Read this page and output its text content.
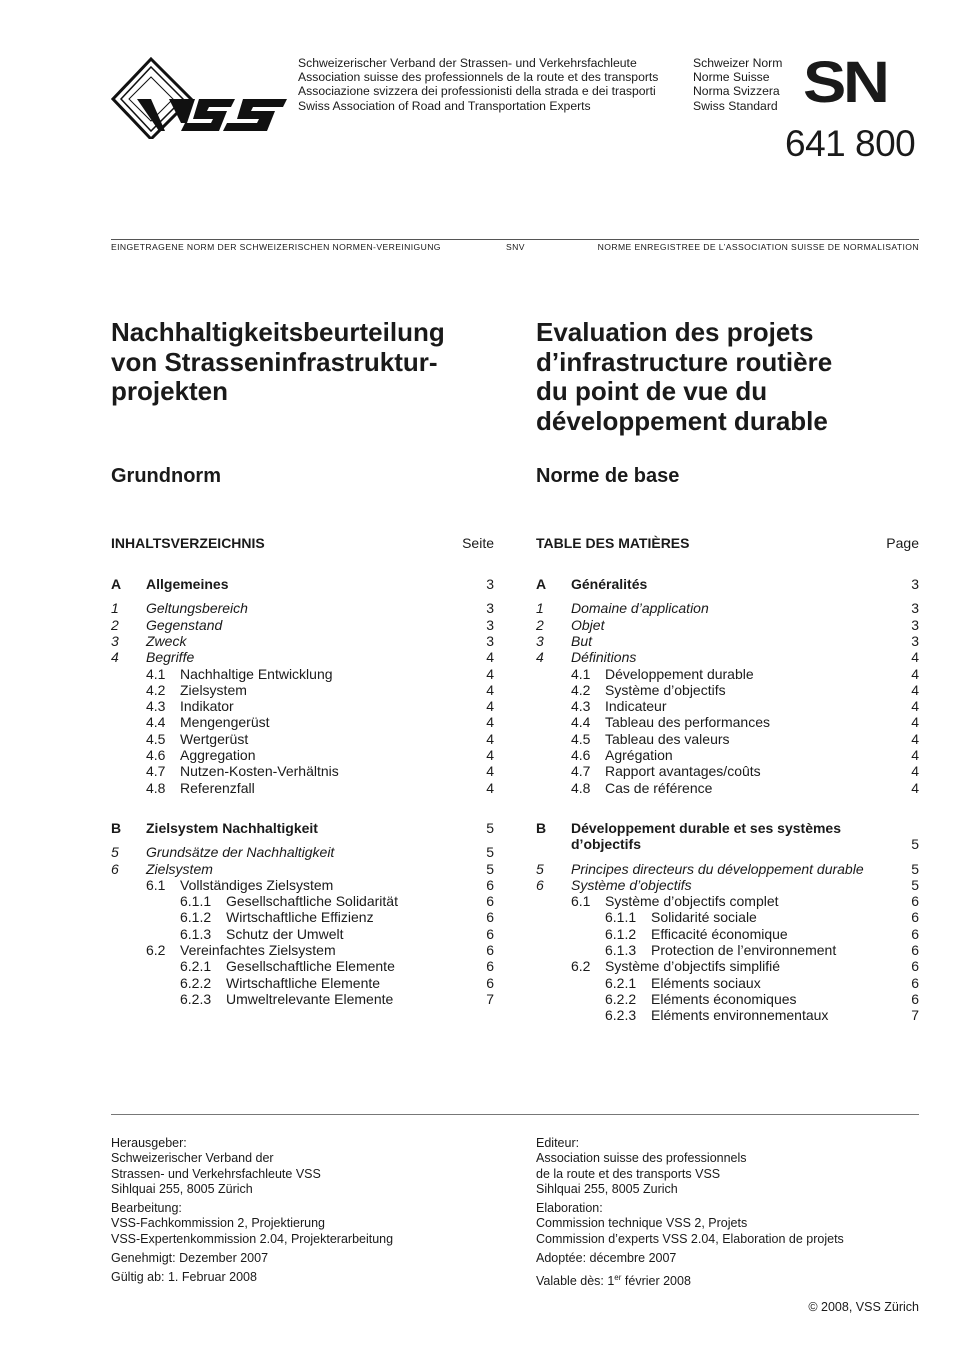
Schweizerischer Verband der Strassen- und Verkehrsfachleute
Association suisse des professionnels de la route et des transports
Associazione svizzera dei professionisti della strada e dei trasporti
Swiss Association of Road and Transportation Experts
Schweizer Norm
Norme Suisse
Norma Svizzera
Swiss Standard SN
641 800
EINGETRAGENE NORM DER SCHWEIZERISCHEN NORMEN-VEREINIGUNG	SNV	NORME ENREGISTREE DE L’ASSOCIATION SUISSE DE NORMALISATION
Nachhaltigkeitsbeurteilung
von Strasseninfrastruktur-
projekten
Evaluation des projets
d’infrastructure routière
du point de vue du
développement durable
Grundnorm	Norme de base
INHALTSVERZEICHNIS	Seite	TABLE DES MATIÈRES	Page
A Allgemeines	3
1 Geltungsbereich	3
2 Gegenstand	3
3 Zweck	3
4 Begriffe	4
4.1 Nachhaltige Entwicklung	4
4.2 Zielsystem	4
4.3 Indikator	4
4.4 Mengengerüst	4
4.5 Wertgerüst	4
4.6 Aggregation	4
4.7 Nutzen-Kosten-Verhältnis	4
4.8 Referenzfall	4
B Zielsystem Nachhaltigkeit	5
5 Grundsätze der Nachhaltigkeit	5
6 Zielsystem	5
6.1 Vollständiges Zielsystem	6
6.1.1 Gesellschaftliche Solidarität	6
6.1.2 Wirtschaftliche Effizienz	6
6.1.3 Schutz der Umwelt	6
6.2 Vereinfachtes Zielsystem	6
6.2.1 Gesellschaftliche Elemente	6
6.2.2 Wirtschaftliche Elemente	6
6.2.3 Umweltrelevante Elemente	7
A Généralités	3
1 Domaine d’application	3
2 Objet	3
3 But	3
4 Définitions	4
4.1 Développement durable	4
4.2 Système d’objectifs	4
4.3 Indicateur	4
4.4 Tableau des performances	4
4.5 Tableau des valeurs	4
4.6 Agrégation	4
4.7 Rapport avantages/coûts	4
4.8 Cas de référence	4
B Développement durable et ses systèmes
d’objectifs	5
5 Principes directeurs du développement durable	5
6 Système d’objectifs	5
6.1 Système d’objectifs complet	6
6.1.1 Solidarité sociale	6
6.1.2 Efficacité économique	6
6.1.3 Protection de l’environnement	6
6.2 Système d’objectifs simplifié	6
6.2.1 Eléments sociaux	6
6.2.2 Eléments économiques	6
6.2.3 Eléments environnementaux	7
Herausgeber:
Schweizerischer Verband der
Strassen- und Verkehrsfachleute VSS
Sihlquai 255, 8005 Zürich
Bearbeitung:
VSS-Fachkommission 2, Projektierung
VSS-Expertenkommission 2.04, Projekterarbeitung
Genehmigt: Dezember 2007
Gültig ab: 1. Februar 2008
Editeur:
Association suisse des professionnels
de la route et des transports VSS
Sihlquai 255, 8005 Zurich
Elaboration:
Commission technique VSS 2, Projets
Commission d’experts VSS 2.04, Elaboration de projets
Adoptée: décembre 2007
Valable dès: 1er février 2008
© 2008, VSS Zürich
